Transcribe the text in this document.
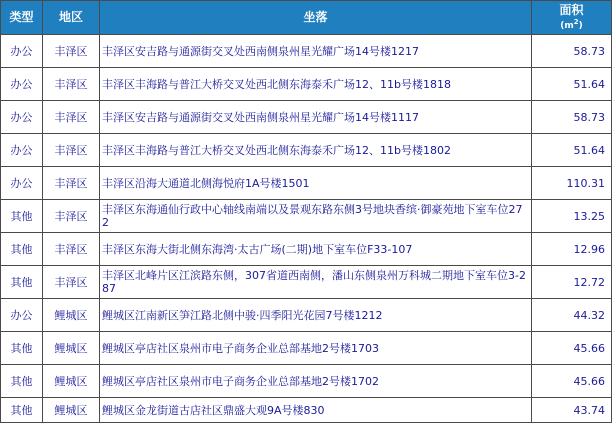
类型	地区	坐落	面积
$(m^2)$

办公	丰泽区	丰泽区安吉路与通源街交叉处西南侧泉州星光耀广场14号楼1217	58.73
办公	丰泽区	丰泽区丰海路与普江大桥交叉处西北侧东海泰禾广场12、11b号楼1818	51.64
办公	丰泽区	丰泽区安吉路与通源街交叉处西南侧泉州星光耀广场14号楼1117	58.73
办公	丰泽区	丰泽区丰海路与普江大桥交叉处西北侧东海泰禾广场12、11b号楼1802	51.64
办公	丰泽区	丰泽区沿海大通道北侧海悦府1A号楼1501	110.31
其他	丰泽区	丰泽区东海通仙行政中心轴线南端以及景观东路东侧3号地块香缤·御豪苑地下室车位272	13.25
其他	丰泽区	丰泽区东海大街北侧东海湾·太古广场(二期)地下室车位F33-107	12.96
其他	丰泽区	丰泽区北峰片区江滨路东侧，307省道西南侧，潘山东侧泉州万科城二期地下室车位3-287	12.72
办公	鲤城区	鲤城区江南新区笋江路北侧中骏·四季阳光花园7号楼1212	44.32
其他	鲤城区	鲤城区亭店社区泉州市电子商务企业总部基地2号楼1703	45.66
其他	鲤城区	鲤城区亭店社区泉州市电子商务企业总部基地2号楼1702	45.66
其他	鲤城区	鲤城区金龙街道古店社区鼎盛大观9A号楼830	43.74
